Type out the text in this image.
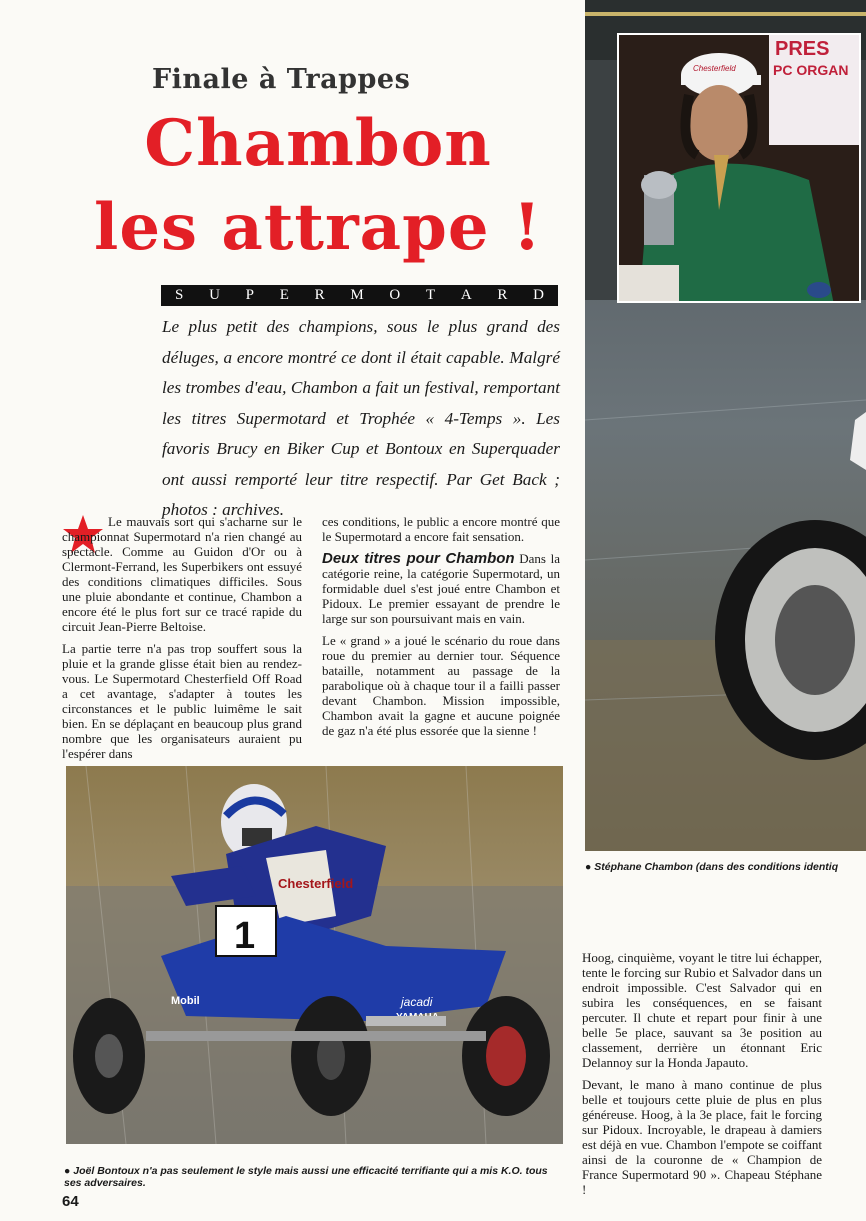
Finale à Trappes
Chambon
les attrape !
S U P E R M O T A R D
Le plus petit des champions, sous le plus grand des déluges, a encore montré ce dont il était capable. Malgré les trombes d'eau, Chambon a fait un festival, remportant les titres Supermotard et Trophée « 4-Temps ». Les favoris Brucy en Biker Cup et Bontoux en Superquader ont aussi remporté leur titre respectif. Par Get Back ; photos : archives.

Le mauvais sort qui s'acharne sur le championnat Supermotard n'a rien changé au spectacle. Comme au Guidon d'Or ou à Clermont-Ferrand, les Superbikers ont essuyé des conditions climatiques difficiles. Sous une pluie abondante et continue, Chambon a encore été le plus fort sur ce tracé rapide du circuit Jean-Pierre Beltoise.

La partie terre n'a pas trop souffert sous la pluie et la grande glisse était bien au rendez-vous. Le Supermotard Chesterfield Off Road a cet avantage, s'adapter à toutes les circonstances et le public luimême le sait bien. En se déplaçant en beaucoup plus grand nombre que les organisateurs auraient pu l'espérer dans

ces conditions, le public a encore montré que le Supermotard a encore fait sensation.

Deux titres pour Chambon Dans la catégorie reine, la catégorie Supermotard, un formidable duel s'est joué entre Chambon et Pidoux. Le premier essayant de prendre le large sur son poursuivant mais en vain.

Le « grand » a joué le scénario du roue dans roue du premier au dernier tour. Séquence bataille, notamment au passage de la parabolique où à chaque tour il a failli passer devant Chambon. Mission impossible, Chambon avait la gagne et aucune poignée de gaz n'a été plus essorée que la sienne !

Chesterfield
1
Mobil	jacadi
● Joël Bontoux n'a pas seulement le style mais aussi une efficacité terrifiante qui a mis K.O. tous ses adversaires.
64
PRES
PC ORGAN
Chesterfield
● Stéphane Chambon (dans des conditions identiq

Hoog, cinquième, voyant le titre lui échapper, tente le forcing sur Rubio et Salvador dans un endroit impossible. C'est Salvador qui en subira les conséquences, en se faisant percuter. Il chute et repart pour finir à une belle 5e place, sauvant sa 3e position au classement, derrière un étonnant Eric Delannoy sur la Honda Japauto.

Devant, le mano à mano continue de plus belle et toujours cette pluie de plus en plus généreuse. Hoog, à la 3e place, fait le forcing sur Pidoux. Incroyable, le drapeau à damiers est déjà en vue. Chambon l'empote se coiffant ainsi de la couronne de « Champion de France Supermotard 90 ». Chapeau Stéphane !
